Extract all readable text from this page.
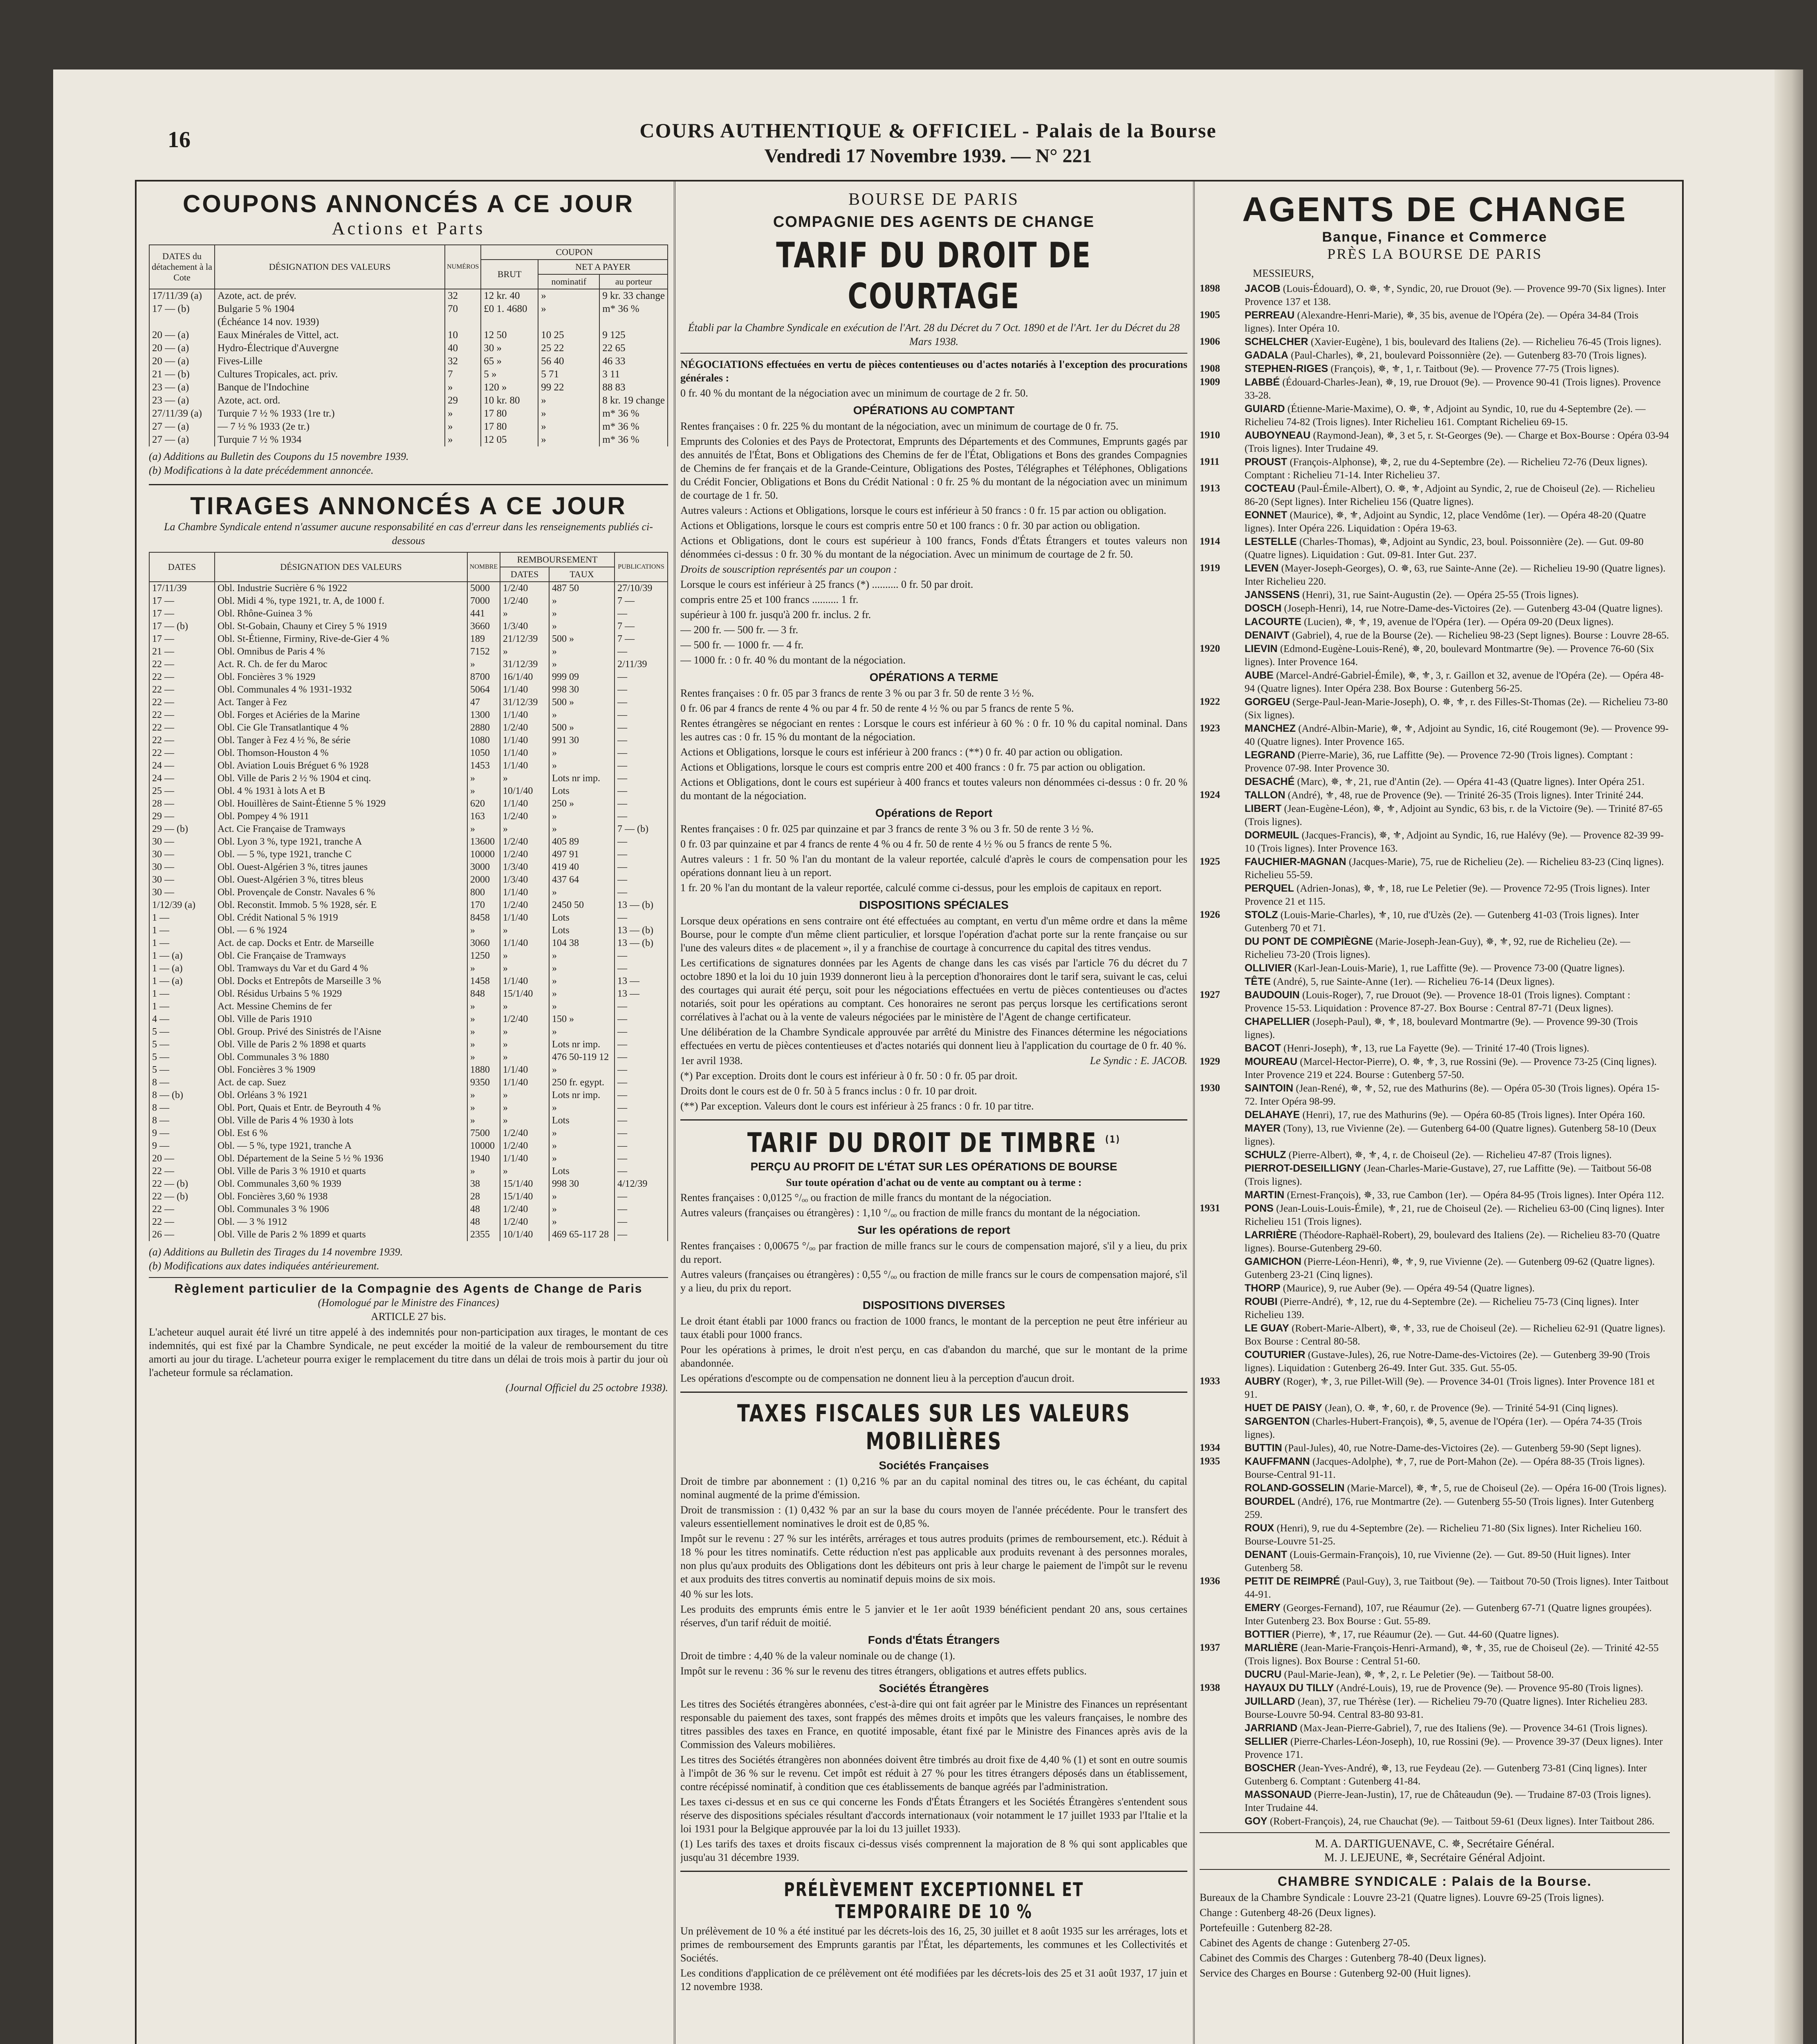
16	COURS AUTHENTIQUE & OFFICIEL - Palais de la Bourse
Vendredi 17 Novembre 1939. — N° 221
COUPONS ANNONCÉS A CE JOUR
Actions et Parts
DATES du détachement à la Cote	DÉSIGNATION DES VALEURS	NUMÉROS	COUPON		
			BRUT	NET A PAYER	
				nominatif	au porteur
17/11/39 (a)	Azote, act. de prév.	32	12 kr. 40	»	9 kr. 33 change
17 — (b)	Bulgarie 5 % 1904	70	£0 1. 4680	»	m* 36 %
	(Échéance 14 nov. 1939)				
20 — (a)	Eaux Minérales de Vittel, act.	10	12 50	10 25	9 125
20 — (a)	Hydro-Électrique d'Auvergne	40	30 »	25 22	22 65
20 — (a)	Fives-Lille	32	65 »	56 40	46 33
21 — (b)	Cultures Tropicales, act. priv.	7	5 »	5 71	3 11
23 — (a)	Banque de l'Indochine	»	120 »	99 22	88 83
23 — (a)	Azote, act. ord.	29	10 kr. 80	»	8 kr. 19 change
27/11/39 (a)	Turquie 7 ½ % 1933 (1re tr.)	»	17 80	»	m* 36 %
27 — (a)	— 7 ½ % 1933 (2e tr.)	»	17 80	»	m* 36 %
27 — (a)	Turquie 7 ½ % 1934	»	12 05	»	m* 36 %
(a) Additions au Bulletin des Coupons du 15 novembre 1939.
(b) Modifications à la date précédemment annoncée.
TIRAGES ANNONCÉS A CE JOUR
La Chambre Syndicale entend n'assumer aucune responsabilité en cas d'erreur dans les renseignements publiés ci-dessous
DATES	DÉSIGNATION DES VALEURS	NOMBRE	REMBOURSEMENT		PUBLICATIONS
			DATES	TAUX	
17/11/39	Obl. Industrie Sucrière 6 % 1922	5000	1/2/40	487 50	27/10/39
17 —	Obl. Midi 4 %, type 1921, tr. A, de 1000 f.	7000	1/2/40	»	7 —
17 —	Obl. Rhône-Guinea 3 %	441	»	»	—
17 — (b)	Obl. St-Gobain, Chauny et Cirey 5 % 1919	3660	1/3/40	»	7 —
17 —	Obl. St-Étienne, Firminy, Rive-de-Gier 4 %	189	21/12/39	500 »	7 —
21 —	Obl. Omnibus de Paris 4 %	7152	»	»	—
22 —	Act. R. Ch. de fer du Maroc	»	31/12/39	»	2/11/39
22 —	Obl. Foncières 3 % 1929	8700	16/1/40	999 09	—
22 —	Obl. Communales 4 % 1931-1932	5064	1/1/40	998 30	—
22 —	Act. Tanger à Fez	47	31/12/39	500 »	—
22 —	Obl. Forges et Aciéries de la Marine	1300	1/1/40	»	—
22 —	Obl. Cie Gle Transatlantique 4 %	2880	1/2/40	500 »	—
22 —	Obl. Tanger à Fez 4 ½ %, 8e série	1080	1/1/40	991 30	—
22 —	Obl. Thomson-Houston 4 %	1050	1/1/40	»	—
24 —	Obl. Aviation Louis Bréguet 6 % 1928	1453	1/1/40	»	—
24 —	Obl. Ville de Paris 2 ½ % 1904 et cinq.	»	»	Lots nr imp.	—
25 —	Obl. 4 % 1931 à lots A et B	»	10/1/40	Lots	—
28 —	Obl. Houillères de Saint-Étienne 5 % 1929	620	1/1/40	250 »	—
29 —	Obl. Pompey 4 % 1911	163	1/2/40	»	—
29 — (b)	Act. Cie Française de Tramways	»	»	»	7 — (b)
30 —	Obl. Lyon 3 %, type 1921, tranche A	13600	1/2/40	405 89	—
30 —	Obl. — 5 %, type 1921, tranche C	10000	1/2/40	497 91	—
30 —	Obl. Ouest-Algérien 3 %, titres jaunes	3000	1/3/40	419 40	—
30 —	Obl. Ouest-Algérien 3 %, titres bleus	2000	1/3/40	437 64	—
30 —	Obl. Provençale de Constr. Navales 6 %	800	1/1/40	»	—
1/12/39 (a)	Obl. Reconstit. Immob. 5 % 1928, sér. E	170	1/2/40	2450 50	13 — (b)
1 —	Obl. Crédit National 5 % 1919	8458	1/1/40	Lots	—
1 —	Obl. — 6 % 1924	»	»	Lots	13 — (b)
1 —	Act. de cap. Docks et Entr. de Marseille	3060	1/1/40	104 38	13 — (b)
1 — (a)	Obl. Cie Française de Tramways	1250	»	»	—
1 — (a)	Obl. Tramways du Var et du Gard 4 %	»	»	»	—
1 — (a)	Obl. Docks et Entrepôts de Marseille 3 %	1458	1/1/40	»	13 —
1 —	Obl. Résidus Urbains 5 % 1929	848	15/1/40	»	13 —
1 —	Act. Messine Chemins de fer	»	»	»	—
4 —	Obl. Ville de Paris 1910	»	1/2/40	150 »	—
5 —	Obl. Group. Privé des Sinistrés de l'Aisne	»	»	»	—
5 —	Obl. Ville de Paris 2 % 1898 et quarts	»	»	Lots nr imp.	—
5 —	Obl. Communales 3 % 1880	»	»	476 50-119 12	—
5 —	Obl. Foncières 3 % 1909	1880	1/1/40	»	—
8 —	Act. de cap. Suez	9350	1/1/40	250 fr. egypt.	—
8 — (b)	Obl. Orléans 3 % 1921	»	»	Lots nr imp.	—
8 —	Obl. Port, Quais et Entr. de Beyrouth 4 %	»	»	»	—
8 —	Obl. Ville de Paris 4 % 1930 à lots	»	»	Lots	—
9 —	Obl. Est 6 %	7500	1/2/40	»	—
9 —	Obl. — 5 %, type 1921, tranche A	10000	1/2/40	»	—
20 —	Obl. Département de la Seine 5 ½ % 1936	1940	1/1/40	»	—
22 —	Obl. Ville de Paris 3 % 1910 et quarts	»	»	Lots	—
22 — (b)	Obl. Communales 3,60 % 1939	38	15/1/40	998 30	4/12/39
22 — (b)	Obl. Foncières 3,60 % 1938	28	15/1/40	»	—
22 —	Obl. Communales 3 % 1906	48	1/2/40	»	—
22 —	Obl. — 3 % 1912	48	1/2/40	»	—
26 —	Obl. Ville de Paris 2 % 1899 et quarts	2355	10/1/40	469 65-117 28	—
(a) Additions au Bulletin des Tirages du 14 novembre 1939.
(b) Modifications aux dates indiquées antérieurement.
Règlement particulier de la Compagnie des Agents de Change de Paris
(Homologué par le Ministre des Finances)
ARTICLE 27 bis.
L'acheteur auquel aurait été livré un titre appelé à des indemnités pour non-participation aux tirages, le montant de ces indemnités, qui est fixé par la Chambre Syndicale, ne peut excéder la moitié de la valeur de remboursement du titre amorti au jour du tirage. L'acheteur pourra exiger le remplacement du titre dans un délai de trois mois à partir du jour où l'acheteur formule sa réclamation.
(Journal Officiel du 25 octobre 1938).
BOURSE DE PARIS
COMPAGNIE DES AGENTS DE CHANGE
TARIF DU DROIT DE COURTAGE
Établi par la Chambre Syndicale en exécution de l'Art. 28 du Décret du 7 Oct. 1890 et de l'Art. 1er du Décret du 28 Mars 1938.
NÉGOCIATIONS effectuées en vertu de pièces contentieuses ou d'actes notariés à l'exception des procurations générales :
0 fr. 40 % du montant de la négociation avec un minimum de courtage de 2 fr. 50.
OPÉRATIONS AU COMPTANT
Rentes françaises : 0 fr. 225 % du montant de la négociation, avec un minimum de courtage de 0 fr. 75.
Emprunts des Colonies et des Pays de Protectorat, Emprunts des Départements et des Communes, Emprunts gagés par des annuités de l'État, Bons et Obligations des Chemins de fer de l'État, Obligations et Bons des grandes Compagnies de Chemins de fer français et de la Grande-Ceinture, Obligations des Postes, Télégraphes et Téléphones, Obligations du Crédit Foncier, Obligations et Bons du Crédit National : 0 fr. 25 % du montant de la négociation avec un minimum de courtage de 1 fr. 50.
Autres valeurs : Actions et Obligations, lorsque le cours est inférieur à 50 francs : 0 fr. 15 par action ou obligation.
Actions et Obligations, lorsque le cours est compris entre 50 et 100 francs : 0 fr. 30 par action ou obligation.
Actions et Obligations, dont le cours est supérieur à 100 francs, Fonds d'États Étrangers et toutes valeurs non dénommées ci-dessus : 0 fr. 30 % du montant de la négociation. Avec un minimum de courtage de 2 fr. 50.
Droits de souscription représentés par un coupon :
Lorsque le cours est inférieur à 25 francs (*) .......... 0 fr. 50 par droit.
compris entre 25 et 100 francs .......... 1 fr.
supérieur à 100 fr. jusqu'à 200 fr. inclus. 2 fr.
— 200 fr. — 500 fr. — 3 fr.
— 500 fr. — 1000 fr. — 4 fr.
— 1000 fr. : 0 fr. 40 % du montant de la négociation.
OPÉRATIONS A TERME
Rentes françaises : 0 fr. 05 par 3 francs de rente 3 % ou par 3 fr. 50 de rente 3 ½ %.
0 fr. 06 par 4 francs de rente 4 % ou par 4 fr. 50 de rente 4 ½ % ou par 5 francs de rente 5 %.
Rentes étrangères se négociant en rentes : Lorsque le cours est inférieur à 60 % : 0 fr. 10 % du capital nominal. Dans les autres cas : 0 fr. 15 % du montant de la négociation.
Actions et Obligations, lorsque le cours est inférieur à 200 francs : (**) 0 fr. 40 par action ou obligation.
Actions et Obligations, lorsque le cours est compris entre 200 et 400 francs : 0 fr. 75 par action ou obligation.
Actions et Obligations, dont le cours est supérieur à 400 francs et toutes valeurs non dénommées ci-dessus : 0 fr. 20 % du montant de la négociation.
Opérations de Report
Rentes françaises : 0 fr. 025 par quinzaine et par 3 francs de rente 3 % ou 3 fr. 50 de rente 3 ½ %.
0 fr. 03 par quinzaine et par 4 francs de rente 4 % ou 4 fr. 50 de rente 4 ½ % ou 5 francs de rente 5 %.
Autres valeurs : 1 fr. 50 % l'an du montant de la valeur reportée, calculé d'après le cours de compensation pour les opérations donnant lieu à un report.
1 fr. 20 % l'an du montant de la valeur reportée, calculé comme ci-dessus, pour les emplois de capitaux en report.
DISPOSITIONS SPÉCIALES
Lorsque deux opérations en sens contraire ont été effectuées au comptant, en vertu d'un même ordre et dans la même Bourse, pour le compte d'un même client particulier, et lorsque l'opération d'achat porte sur la rente française ou sur l'une des valeurs dites « de placement », il y a franchise de courtage à concurrence du capital des titres vendus.
Les certifications de signatures données par les Agents de change dans les cas visés par l'article 76 du décret du 7 octobre 1890 et la loi du 10 juin 1939 donneront lieu à la perception d'honoraires dont le tarif sera, suivant le cas, celui des courtages qui aurait été perçu, soit pour les négociations effectuées en vertu de pièces contentieuses ou d'actes notariés, soit pour les opérations au comptant. Ces honoraires ne seront pas perçus lorsque les certifications seront corrélatives à l'achat ou à la vente de valeurs négociées par le ministère de l'Agent de change certificateur.
Une délibération de la Chambre Syndicale approuvée par arrêté du Ministre des Finances détermine les négociations effectuées en vertu de pièces contentieuses et d'actes notariés qui donnent lieu à l'application du courtage de 0 fr. 40 %.
1er avril 1938.	Le Syndic : E. JACOB.
(*) Par exception. Droits dont le cours est inférieur à 0 fr. 50 : 0 fr. 05 par droit.
Droits dont le cours est de 0 fr. 50 à 5 francs inclus : 0 fr. 10 par droit.
(**) Par exception. Valeurs dont le cours est inférieur à 25 francs : 0 fr. 10 par titre.
TARIF DU DROIT DE TIMBRE $^{(1)}$
PERÇU AU PROFIT DE L'ÉTAT SUR LES OPÉRATIONS DE BOURSE
Sur toute opération d'achat ou de vente au comptant ou à terme :
Rentes françaises : 0,0125 °/ₒₒ ou fraction de mille francs du montant de la négociation.
Autres valeurs (françaises ou étrangères) : 1,10 °/ₒₒ ou fraction de mille francs du montant de la négociation.
Sur les opérations de report
Rentes françaises : 0,00675 °/ₒₒ par fraction de mille francs sur le cours de compensation majoré, s'il y a lieu, du prix du report.
Autres valeurs (françaises ou étrangères) : 0,55 °/ₒₒ ou fraction de mille francs sur le cours de compensation majoré, s'il y a lieu, du prix du report.
DISPOSITIONS DIVERSES
Le droit étant établi par 1000 francs ou fraction de 1000 francs, le montant de la perception ne peut être inférieur au taux établi pour 1000 francs.
Pour les opérations à primes, le droit n'est perçu, en cas d'abandon du marché, que sur le montant de la prime abandonnée.
Les opérations d'escompte ou de compensation ne donnent lieu à la perception d'aucun droit.
TAXES FISCALES SUR LES VALEURS MOBILIÈRES
Sociétés Françaises
Droit de timbre par abonnement : (1) 0,216 % par an du capital nominal des titres ou, le cas échéant, du capital nominal augmenté de la prime d'émission.
Droit de transmission : (1) 0,432 % par an sur la base du cours moyen de l'année précédente. Pour le transfert des valeurs essentiellement nominatives le droit est de 0,85 %.
Impôt sur le revenu : 27 % sur les intérêts, arrérages et tous autres produits (primes de remboursement, etc.). Réduit à 18 % pour les titres nominatifs. Cette réduction n'est pas applicable aux produits revenant à des personnes morales, non plus qu'aux produits des Obligations dont les débiteurs ont pris à leur charge le paiement de l'impôt sur le revenu et aux produits des titres convertis au nominatif depuis moins de six mois.
40 % sur les lots.
Les produits des emprunts émis entre le 5 janvier et le 1er août 1939 bénéficient pendant 20 ans, sous certaines réserves, d'un tarif réduit de moitié.
Fonds d'États Étrangers
Droit de timbre : 4,40 % de la valeur nominale ou de change (1).
Impôt sur le revenu : 36 % sur le revenu des titres étrangers, obligations et autres effets publics.
Sociétés Étrangères
Les titres des Sociétés étrangères abonnées, c'est-à-dire qui ont fait agréer par le Ministre des Finances un représentant responsable du paiement des taxes, sont frappés des mêmes droits et impôts que les valeurs françaises, le nombre des titres passibles des taxes en France, en quotité imposable, étant fixé par le Ministre des Finances après avis de la Commission des Valeurs mobilières.
Les titres des Sociétés étrangères non abonnées doivent être timbrés au droit fixe de 4,40 % (1) et sont en outre soumis à l'impôt de 36 % sur le revenu. Cet impôt est réduit à 27 % pour les titres étrangers déposés dans un établissement, contre récépissé nominatif, à condition que ces établissements de banque agréés par l'administration.
Les taxes ci-dessus et en sus ce qui concerne les Fonds d'États Étrangers et les Sociétés Étrangères s'entendent sous réserve des dispositions spéciales résultant d'accords internationaux (voir notamment le 17 juillet 1933 par l'Italie et la loi 1931 pour la Belgique approuvée par la loi du 13 juillet 1933).
(1) Les tarifs des taxes et droits fiscaux ci-dessus visés comprennent la majoration de 8 % qui sont applicables que jusqu'au 31 décembre 1939.
PRÉLÈVEMENT EXCEPTIONNEL ET TEMPORAIRE DE 10 %
Un prélèvement de 10 % a été institué par les décrets-lois des 16, 25, 30 juillet et 8 août 1935 sur les arrérages, lots et primes de remboursement des Emprunts garantis par l'État, les départements, les communes et les Collectivités et Sociétés.
Les conditions d'application de ce prélèvement ont été modifiées par les décrets-lois des 25 et 31 août 1937, 17 juin et 12 novembre 1938.
AGENTS DE CHANGE
Banque, Finance et Commerce
PRÈS LA BOURSE DE PARIS
MESSIEURS,
1898	JACOB (Louis-Édouard), O. ✵, ⚜, Syndic, 20, rue Drouot (9e). — Provence 99-70 (Six lignes). Inter Provence 137 et 138.
1905	PERREAU (Alexandre-Henri-Marie), ✵, 35 bis, avenue de l'Opéra (2e). — Opéra 34-84 (Trois lignes). Inter Opéra 10.
1906	SCHELCHER (Xavier-Eugène), 1 bis, boulevard des Italiens (2e). — Richelieu 76-45 (Trois lignes).
GADALA (Paul-Charles), ✵, 21, boulevard Poissonnière (2e). — Gutenberg 83-70 (Trois lignes).
1908	STEPHEN-RIGES (François), ✵, ⚜, 1, r. Taitbout (9e). — Provence 77-75 (Trois lignes).
1909	LABBÉ (Édouard-Charles-Jean), ✵, 19, rue Drouot (9e). — Provence 90-41 (Trois lignes). Provence 33-28.
GUIARD (Étienne-Marie-Maxime), O. ✵, ⚜, Adjoint au Syndic, 10, rue du 4-Septembre (2e). — Richelieu 74-82 (Trois lignes). Inter Richelieu 161. Comptant Richelieu 69-15.
1910	AUBOYNEAU (Raymond-Jean), ✵, 3 et 5, r. St-Georges (9e). — Charge et Box-Bourse : Opéra 03-94 (Trois lignes). Inter Trudaine 49.
1911	PROUST (François-Alphonse), ✵, 2, rue du 4-Septembre (2e). — Richelieu 72-76 (Deux lignes). Comptant : Richelieu 71-14. Inter Richelieu 37.
1913	COCTEAU (Paul-Émile-Albert), O. ✵, ⚜, Adjoint au Syndic, 2, rue de Choiseul (2e). — Richelieu 86-20 (Sept lignes). Inter Richelieu 156 (Quatre lignes).
EONNET (Maurice), ✵, ⚜, Adjoint au Syndic, 12, place Vendôme (1er). — Opéra 48-20 (Quatre lignes). Inter Opéra 226. Liquidation : Opéra 19-63.
1914	LESTELLE (Charles-Thomas), ✵, Adjoint au Syndic, 23, boul. Poissonnière (2e). — Gut. 09-80 (Quatre lignes). Liquidation : Gut. 09-81. Inter Gut. 237.
1919	LEVEN (Mayer-Joseph-Georges), O. ✵, 63, rue Sainte-Anne (2e). — Richelieu 19-90 (Quatre lignes). Inter Richelieu 220.
JANSSENS (Henri), 31, rue Saint-Augustin (2e). — Opéra 25-55 (Trois lignes).
DOSCH (Joseph-Henri), 14, rue Notre-Dame-des-Victoires (2e). — Gutenberg 43-04 (Quatre lignes).
LACOURTE (Lucien), ✵, ⚜, 19, avenue de l'Opéra (1er). — Opéra 09-20 (Deux lignes).
DENAIVT (Gabriel), 4, rue de la Bourse (2e). — Richelieu 98-23 (Sept lignes). Bourse : Louvre 28-65.
1920	LIEVIN (Edmond-Eugène-Louis-René), ✵, 20, boulevard Montmartre (9e). — Provence 76-60 (Six lignes). Inter Provence 164.
AUBE (Marcel-André-Gabriel-Émile), ✵, ⚜, 3, r. Gaillon et 32, avenue de l'Opéra (2e). — Opéra 48-94 (Quatre lignes). Inter Opéra 238. Box Bourse : Gutenberg 56-25.
1922	GORGEU (Serge-Paul-Jean-Marie-Joseph), O. ✵, ⚜, r. des Filles-St-Thomas (2e). — Richelieu 73-80 (Six lignes).
1923	MANCHEZ (André-Albin-Marie), ✵, ⚜, Adjoint au Syndic, 16, cité Rougemont (9e). — Provence 99-40 (Quatre lignes). Inter Provence 165.
LEGRAND (Pierre-Marie), 36, rue Laffitte (9e). — Provence 72-90 (Trois lignes). Comptant : Provence 07-98. Inter Provence 30.
DESACHÉ (Marc), ✵, ⚜, 21, rue d'Antin (2e). — Opéra 41-43 (Quatre lignes). Inter Opéra 251.
1924	TALLON (André), ⚜, 48, rue de Provence (9e). — Trinité 26-35 (Trois lignes). Inter Trinité 244.
LIBERT (Jean-Eugène-Léon), ✵, ⚜, Adjoint au Syndic, 63 bis, r. de la Victoire (9e). — Trinité 87-65 (Trois lignes).
DORMEUIL (Jacques-Francis), ✵, ⚜, Adjoint au Syndic, 16, rue Halévy (9e). — Provence 82-39 99-10 (Trois lignes). Inter Provence 163.
1925	FAUCHIER-MAGNAN (Jacques-Marie), 75, rue de Richelieu (2e). — Richelieu 83-23 (Cinq lignes). Richelieu 55-59.
PERQUEL (Adrien-Jonas), ✵, ⚜, 18, rue Le Peletier (9e). — Provence 72-95 (Trois lignes). Inter Provence 21 et 115.
1926	STOLZ (Louis-Marie-Charles), ⚜, 10, rue d'Uzès (2e). — Gutenberg 41-03 (Trois lignes). Inter Gutenberg 70 et 71.
DU PONT DE COMPIÈGNE (Marie-Joseph-Jean-Guy), ✵, ⚜, 92, rue de Richelieu (2e). — Richelieu 73-20 (Trois lignes).
OLLIVIER (Karl-Jean-Louis-Marie), 1, rue Laffitte (9e). — Provence 73-00 (Quatre lignes).
TÊTE (André), 5, rue Sainte-Anne (1er). — Richelieu 76-14 (Deux lignes).
1927	BAUDOUIN (Louis-Roger), 7, rue Drouot (9e). — Provence 18-01 (Trois lignes). Comptant : Provence 15-53. Liquidation : Provence 87-27. Box Bourse : Central 87-71 (Deux lignes).
CHAPELLIER (Joseph-Paul), ✵, ⚜, 18, boulevard Montmartre (9e). — Provence 99-30 (Trois lignes).
BACOT (Henri-Joseph), ⚜, 13, rue La Fayette (9e). — Trinité 17-40 (Trois lignes).
1929	MOUREAU (Marcel-Hector-Pierre), O. ✵, ⚜, 3, rue Rossini (9e). — Provence 73-25 (Cinq lignes). Inter Provence 219 et 224. Bourse : Gutenberg 57-50.
1930	SAINTOIN (Jean-René), ✵, ⚜, 52, rue des Mathurins (8e). — Opéra 05-30 (Trois lignes). Opéra 15-72. Inter Opéra 98-99.
DELAHAYE (Henri), 17, rue des Mathurins (9e). — Opéra 60-85 (Trois lignes). Inter Opéra 160.
MAYER (Tony), 13, rue Vivienne (2e). — Gutenberg 64-00 (Quatre lignes). Gutenberg 58-10 (Deux lignes).
SCHULZ (Pierre-Albert), ✵, ⚜, 4, r. de Choiseul (2e). — Richelieu 47-87 (Trois lignes).
PIERROT-DESEILLIGNY (Jean-Charles-Marie-Gustave), 27, rue Laffitte (9e). — Taitbout 56-08 (Trois lignes).
MARTIN (Ernest-François), ✵, 33, rue Cambon (1er). — Opéra 84-95 (Trois lignes). Inter Opéra 112.
1931	PONS (Jean-Louis-Louis-Émile), ⚜, 21, rue de Choiseul (2e). — Richelieu 63-00 (Cinq lignes). Inter Richelieu 151 (Trois lignes).
LARRIÈRE (Théodore-Raphaël-Robert), 29, boulevard des Italiens (2e). — Richelieu 83-70 (Quatre lignes). Bourse-Gutenberg 29-60.
GAMICHON (Pierre-Léon-Henri), ✵, ⚜, 9, rue Vivienne (2e). — Gutenberg 09-62 (Quatre lignes). Gutenberg 23-21 (Cinq lignes).
THORP (Maurice), 9, rue Auber (9e). — Opéra 49-54 (Quatre lignes).
ROUBI (Pierre-André), ⚜, 12, rue du 4-Septembre (2e). — Richelieu 75-73 (Cinq lignes). Inter Richelieu 139.
LE GUAY (Robert-Marie-Albert), ✵, ⚜, 33, rue de Choiseul (2e). — Richelieu 62-91 (Quatre lignes). Box Bourse : Central 80-58.
COUTURIER (Gustave-Jules), 26, rue Notre-Dame-des-Victoires (2e). — Gutenberg 39-90 (Trois lignes). Liquidation : Gutenberg 26-49. Inter Gut. 335. Gut. 55-05.
1933	AUBRY (Roger), ⚜, 3, rue Pillet-Will (9e). — Provence 34-01 (Trois lignes). Inter Provence 181 et 91.
HUET DE PAISY (Jean), O. ✵, ⚜, 60, r. de Provence (9e). — Trinité 54-91 (Cinq lignes).
SARGENTON (Charles-Hubert-François), ✵, 5, avenue de l'Opéra (1er). — Opéra 74-35 (Trois lignes).
1934	BUTTIN (Paul-Jules), 40, rue Notre-Dame-des-Victoires (2e). — Gutenberg 59-90 (Sept lignes).
1935	KAUFFMANN (Jacques-Adolphe), ⚜, 7, rue de Port-Mahon (2e). — Opéra 88-35 (Trois lignes). Bourse-Central 91-11.
ROLAND-GOSSELIN (Marie-Marcel), ✵, ⚜, 5, rue de Choiseul (2e). — Opéra 16-00 (Trois lignes).
BOURDEL (André), 176, rue Montmartre (2e). — Gutenberg 55-50 (Trois lignes). Inter Gutenberg 259.
ROUX (Henri), 9, rue du 4-Septembre (2e). — Richelieu 71-80 (Six lignes). Inter Richelieu 160. Bourse-Louvre 51-25.
DENANT (Louis-Germain-François), 10, rue Vivienne (2e). — Gut. 89-50 (Huit lignes). Inter Gutenberg 58.
1936	PETIT DE REIMPRÉ (Paul-Guy), 3, rue Taitbout (9e). — Taitbout 70-50 (Trois lignes). Inter Taitbout 44-91.
EMERY (Georges-Fernand), 107, rue Réaumur (2e). — Gutenberg 67-71 (Quatre lignes groupées). Inter Gutenberg 23. Box Bourse : Gut. 55-89.
BOTTIER (Pierre), ⚜, 17, rue Réaumur (2e). — Gut. 44-60 (Quatre lignes).
1937	MARLIÈRE (Jean-Marie-François-Henri-Armand), ✵, ⚜, 35, rue de Choiseul (2e). — Trinité 42-55 (Trois lignes). Box Bourse : Central 51-60.
DUCRU (Paul-Marie-Jean), ✵, ⚜, 2, r. Le Peletier (9e). — Taitbout 58-00.
1938	HAYAUX DU TILLY (André-Louis), 19, rue de Provence (9e). — Provence 95-80 (Trois lignes).
JUILLARD (Jean), 37, rue Thérèse (1er). — Richelieu 79-70 (Quatre lignes). Inter Richelieu 283. Bourse-Louvre 50-94. Central 83-80 93-81.
JARRIAND (Max-Jean-Pierre-Gabriel), 7, rue des Italiens (9e). — Provence 34-61 (Trois lignes).
SELLIER (Pierre-Charles-Léon-Joseph), 10, rue Rossini (9e). — Provence 39-37 (Deux lignes). Inter Provence 171.
BOSCHER (Jean-Yves-André), ✵, 13, rue Feydeau (2e). — Gutenberg 73-81 (Cinq lignes). Inter Gutenberg 6. Comptant : Gutenberg 41-84.
MASSONAUD (Pierre-Jean-Justin), 17, rue de Châteaudun (9e). — Trudaine 87-03 (Trois lignes). Inter Trudaine 44.
GOY (Robert-François), 24, rue Chauchat (9e). — Taitbout 59-61 (Deux lignes). Inter Taitbout 286.
M. A. DARTIGUENAVE, C. ✵, Secrétaire Général.
M. J. LEJEUNE, ✵, Secrétaire Général Adjoint.
CHAMBRE SYNDICALE : Palais de la Bourse.
Bureaux de la Chambre Syndicale : Louvre 23-21 (Quatre lignes). Louvre 69-25 (Trois lignes).
Change : Gutenberg 48-26 (Deux lignes).
Portefeuille : Gutenberg 82-28.
Cabinet des Agents de change : Gutenberg 27-05.
Cabinet des Commis des Charges : Gutenberg 78-40 (Deux lignes).
Service des Charges en Bourse : Gutenberg 92-00 (Huit lignes).
